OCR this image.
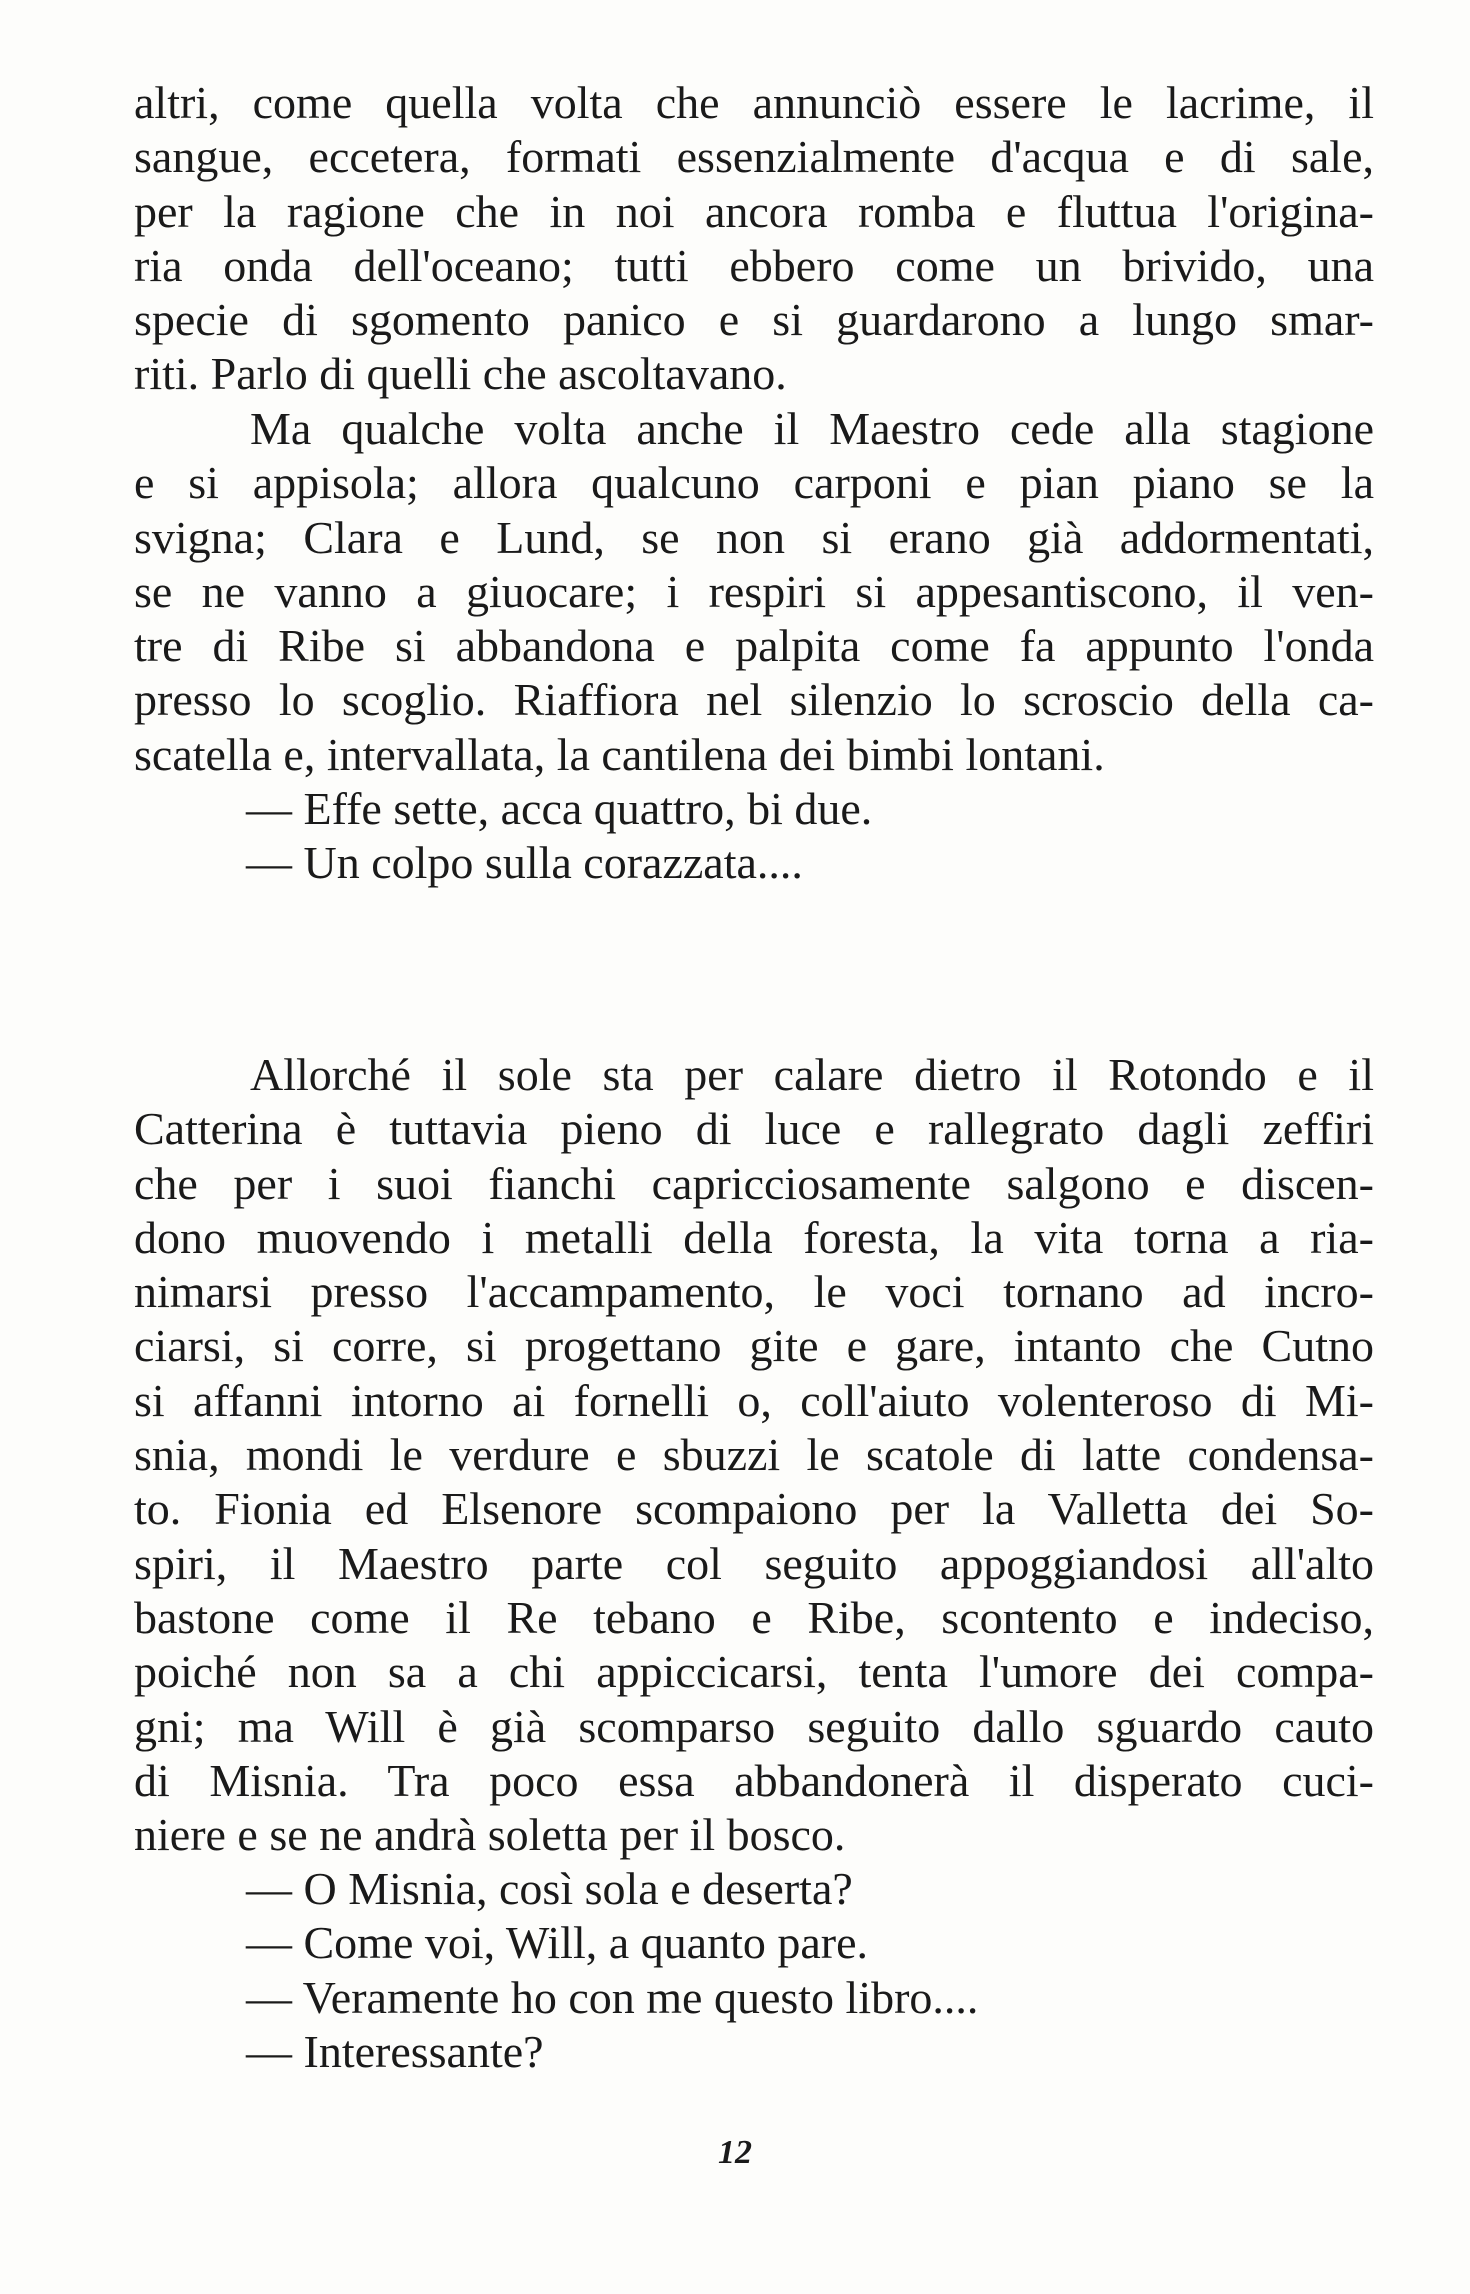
altri, come quella volta che annunciò essere le lacrime, il
sangue, eccetera, formati essenzialmente d'acqua e di sale,
per la ragione che in noi ancora romba e fluttua l'origina-
ria onda dell'oceano; tutti ebbero come un brivido, una
specie di sgomento panico e si guardarono a lungo smar-
riti. Parlo di quelli che ascoltavano.
Ma qualche volta anche il Maestro cede alla stagione
e si appisola; allora qualcuno carponi e pian piano se la
svigna; Clara e Lund, se non si erano già addormentati,
se ne vanno a giuocare; i respiri si appesantiscono, il ven-
tre di Ribe si abbandona e palpita come fa appunto l'onda
presso lo scoglio. Riaffiora nel silenzio lo scroscio della ca-
scatella e, intervallata, la cantilena dei bimbi lontani.
— Effe sette, acca quattro, bi due.
— Un colpo sulla corazzata....
Allorché il sole sta per calare dietro il Rotondo e il
Catterina è tuttavia pieno di luce e rallegrato dagli zeffiri
che per i suoi fianchi capricciosamente salgono e discen-
dono muovendo i metalli della foresta, la vita torna a ria-
nimarsi presso l'accampamento, le voci tornano ad incro-
ciarsi, si corre, si progettano gite e gare, intanto che Cutno
si affanni intorno ai fornelli o, coll'aiuto volenteroso di Mi-
snia, mondi le verdure e sbuzzi le scatole di latte condensa-
to. Fionia ed Elsenore scompaiono per la Valletta dei So-
spiri, il Maestro parte col seguito appoggiandosi all'alto
bastone come il Re tebano e Ribe, scontento e indeciso,
poiché non sa a chi appiccicarsi, tenta l'umore dei compa-
gni; ma Will è già scomparso seguito dallo sguardo cauto
di Misnia. Tra poco essa abbandonerà il disperato cuci-
niere e se ne andrà soletta per il bosco.
— O Misnia, così sola e deserta?
— Come voi, Will, a quanto pare.
— Veramente ho con me questo libro....
— Interessante?
12
